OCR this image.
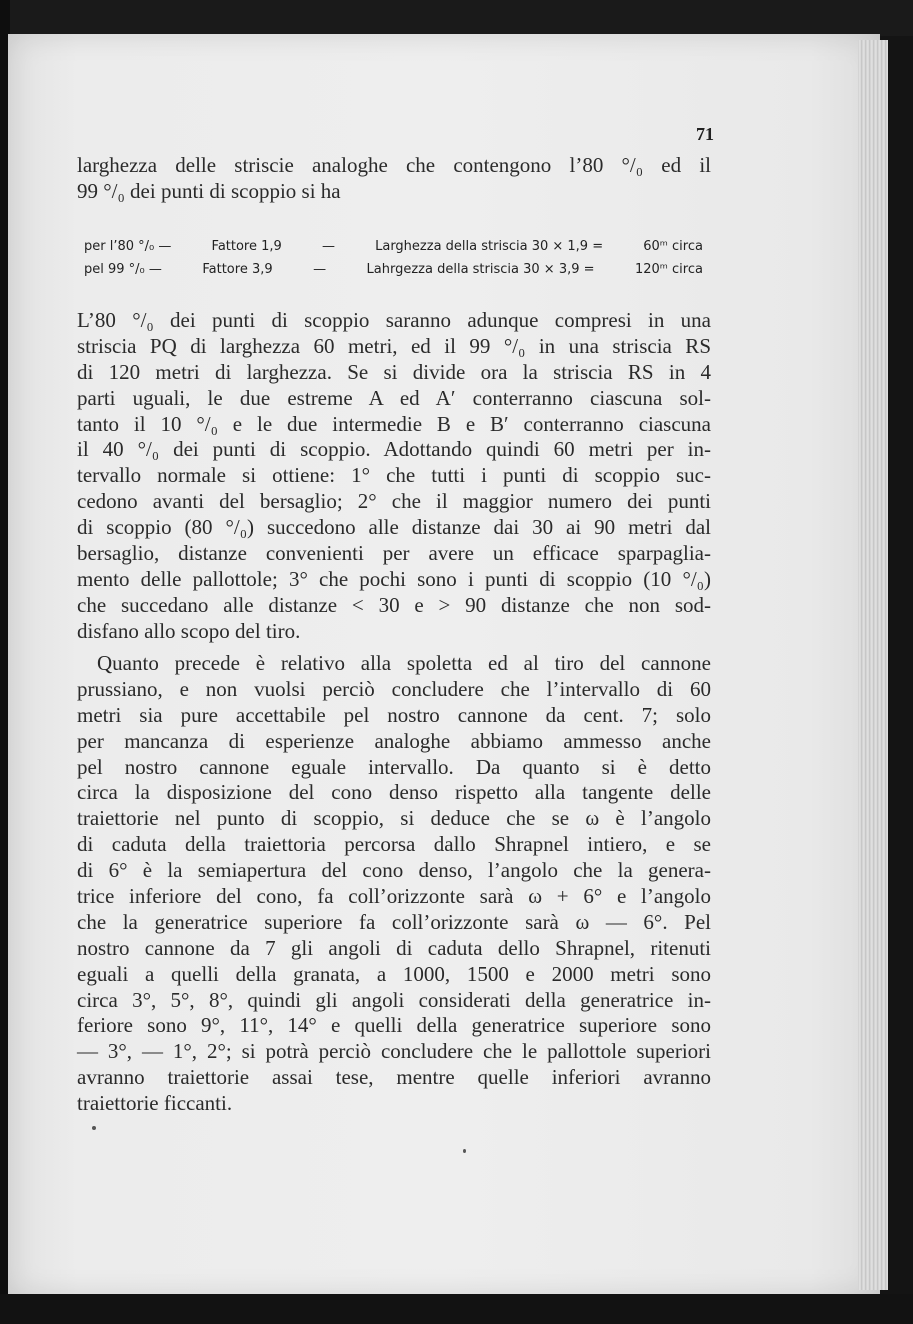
71
larghezza delle striscie analoghe che contengono l’80 °/₀ ed il
99 °/₀ dei punti di scoppio si ha
per l’80 °/₀ —	Fattore 1,9	—	Larghezza della striscia 30 × 1,9 =	60ᵐ circa
pel 99 °/₀ —	Fattore 3,9	—	Lahrgezza della striscia 30 × 3,9 =	120ᵐ circa
L’80 °/₀ dei punti di scoppio saranno adunque compresi in una
striscia PQ di larghezza 60 metri, ed il 99 °/₀ in una striscia RS
di 120 metri di larghezza. Se si divide ora la striscia RS in 4
parti uguali, le due estreme A ed A′ conterranno ciascuna sol-
tanto il 10 °/₀ e le due intermedie B e B′ conterranno ciascuna
il 40 °/₀ dei punti di scoppio. Adottando quindi 60 metri per in-
tervallo normale si ottiene: 1° che tutti i punti di scoppio suc-
cedono avanti del bersaglio; 2° che il maggior numero dei punti
di scoppio (80 °/₀) succedono alle distanze dai 30 ai 90 metri dal
bersaglio, distanze convenienti per avere un efficace sparpaglia-
mento delle pallottole; 3° che pochi sono i punti di scoppio (10 °/₀)
che succedano alle distanze < 30 e > 90 distanze che non sod-
disfano allo scopo del tiro.
Quanto precede è relativo alla spoletta ed al tiro del cannone
prussiano, e non vuolsi perciò concludere che l’intervallo di 60
metri sia pure accettabile pel nostro cannone da cent. 7; solo
per mancanza di esperienze analoghe abbiamo ammesso anche
pel nostro cannone eguale intervallo. Da quanto si è detto
circa la disposizione del cono denso rispetto alla tangente delle
traiettorie nel punto di scoppio, si deduce che se ω è l’angolo
di caduta della traiettoria percorsa dallo Shrapnel intiero, e se
di 6° è la semiapertura del cono denso, l’angolo che la genera-
trice inferiore del cono, fa coll’orizzonte sarà ω + 6° e l’angolo
che la generatrice superiore fa coll’orizzonte sarà ω — 6°. Pel
nostro cannone da 7 gli angoli di caduta dello Shrapnel, ritenuti
eguali a quelli della granata, a 1000, 1500 e 2000 metri sono
circa 3°, 5°, 8°, quindi gli angoli considerati della generatrice in-
feriore sono 9°, 11°, 14° e quelli della generatrice superiore sono
— 3°, — 1°, 2°; si potrà perciò concludere che le pallottole superiori
avranno traiettorie assai tese, mentre quelle inferiori avranno
traiettorie ficcanti.
